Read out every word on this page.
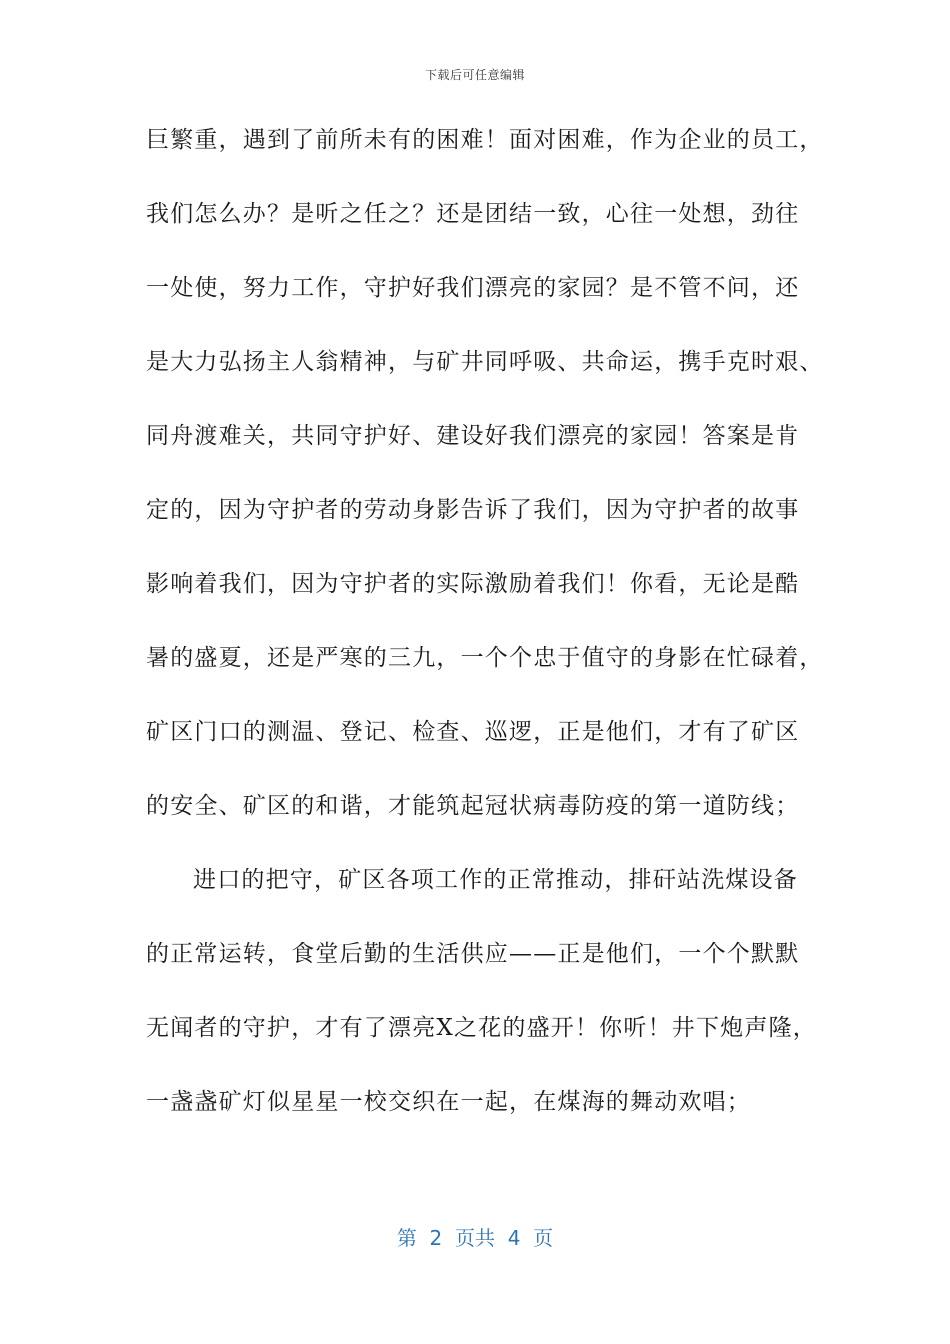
下载后可任意编辑
巨繁重，遇到了前所未有的困难！面对困难，作为企业的员工，
我们怎么办？是听之任之？还是团结一致，心往一处想，劲往
一处使，努力工作，守护好我们漂亮的家园？是不管不问，还
是大力弘扬主人翁精神，与矿井同呼吸、共命运，携手克时艰、
同舟渡难关，共同守护好、建设好我们漂亮的家园！答案是肯
定的，因为守护者的劳动身影告诉了我们，因为守护者的故事
影响着我们，因为守护者的实际激励着我们！你看，无论是酷
暑的盛夏，还是严寒的三九，一个个忠于值守的身影在忙碌着，
矿区门口的测温、登记、检查、巡逻，正是他们，才有了矿区
的安全、矿区的和谐，才能筑起冠状病毒防疫的第一道防线；
进口的把守，矿区各项工作的正常推动，排矸站洗煤设备
的正常运转，食堂后勤的生活供应——正是他们，一个个默默
无闻者的守护，才有了漂亮X之花的盛开！你听！井下炮声隆，
一盏盏矿灯似星星一校交织在一起，在煤海的舞动欢唱；
第  2  页共  4  页
